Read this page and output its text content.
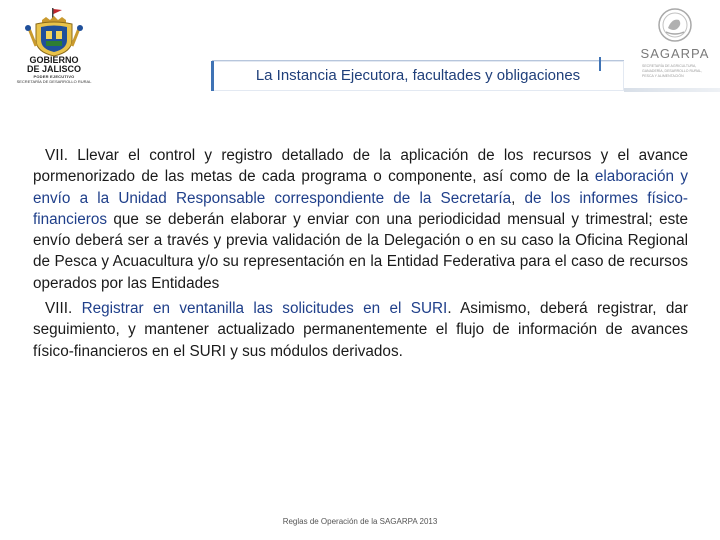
GOBIERNO
DE JALISCO
PODER EJECUTIVO
SECRETARÍA DE DESARROLLO RURAL
SAGARPA
SECRETARÍA DE AGRICULTURA, GANADERÍA, DESARROLLO RURAL, PESCA Y ALIMENTACIÓN
La Instancia Ejecutora, facultades y obligaciones

VII. Llevar el control y registro detallado de la aplicación de los recursos y el avance pormenorizado de las metas de cada programa o componente, así como de la elaboración y envío a la Unidad Responsable correspondiente de la Secretaría, de los informes físico-financieros que se deberán elaborar y enviar con una periodicidad mensual y trimestral; este envío deberá ser a través y previa validación de la Delegación o en su caso la Oficina Regional de Pesca y Acuacultura y/o su representación en la Entidad Federativa para el caso de recursos operados por las Entidades

VIII. Registrar en ventanilla las solicitudes en el SURI. Asimismo, deberá registrar, dar seguimiento, y mantener actualizado permanentemente el flujo de información de avances físico-financieros en el SURI y sus módulos derivados.

Reglas de Operación de la SAGARPA 2013
